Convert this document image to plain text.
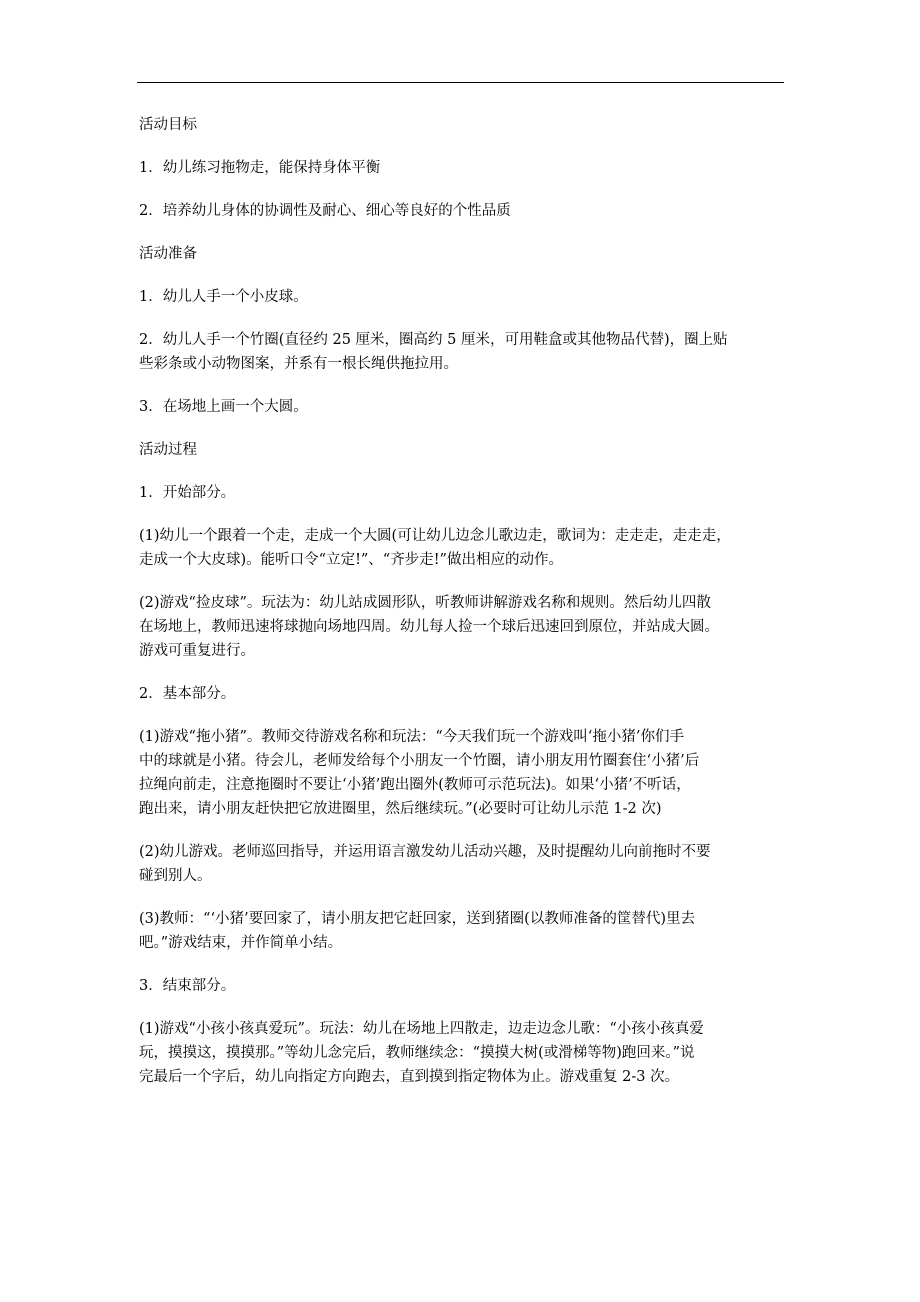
活动目标

1．幼儿练习拖物走，能保持身体平衡

2．培养幼儿身体的协调性及耐心、细心等良好的个性品质

活动准备

1．幼儿人手一个小皮球。

2．幼儿人手一个竹圈(直径约 25 厘米，圈高约 5 厘米，可用鞋盒或其他物品代替)，圈上贴
些彩条或小动物图案，并系有一根长绳供拖拉用。

3．在场地上画一个大圆。

活动过程

1．开始部分。

(1)幼儿一个跟着一个走，走成一个大圆(可让幼儿边念儿歌边走，歌词为：走走走，走走走，
走成一个大皮球)。能听口令“立定!”、“齐步走!”做出相应的动作。

(2)游戏“捡皮球”。玩法为：幼儿站成圆形队，听教师讲解游戏名称和规则。然后幼儿四散
在场地上，教师迅速将球抛向场地四周。幼儿每人捡一个球后迅速回到原位，并站成大圆。
游戏可重复进行。

2．基本部分。

(1)游戏“拖小猪”。教师交待游戏名称和玩法：“今天我们玩一个游戏叫‘拖小猪’你们手
中的球就是小猪。待会儿，老师发给每个小朋友一个竹圈，请小朋友用竹圈套住‘小猪’后
拉绳向前走，注意拖圈时不要让‘小猪’跑出圈外(教师可示范玩法)。如果‘小猪’不听话，
跑出来，请小朋友赶快把它放进圈里，然后继续玩。”(必要时可让幼儿示范 1-2 次)

(2)幼儿游戏。老师巡回指导，并运用语言激发幼儿活动兴趣，及时提醒幼儿向前拖时不要
碰到别人。

(3)教师：“‘小猪’要回家了，请小朋友把它赶回家，送到猪圈(以教师准备的筐替代)里去
吧。”游戏结束，并作简单小结。

3．结束部分。

(1)游戏“小孩小孩真爱玩”。玩法：幼儿在场地上四散走，边走边念儿歌：“小孩小孩真爱
玩，摸摸这，摸摸那。”等幼儿念完后，教师继续念：“摸摸大树(或滑梯等物)跑回来。”说
完最后一个字后，幼儿向指定方向跑去，直到摸到指定物体为止。游戏重复 2-3 次。
